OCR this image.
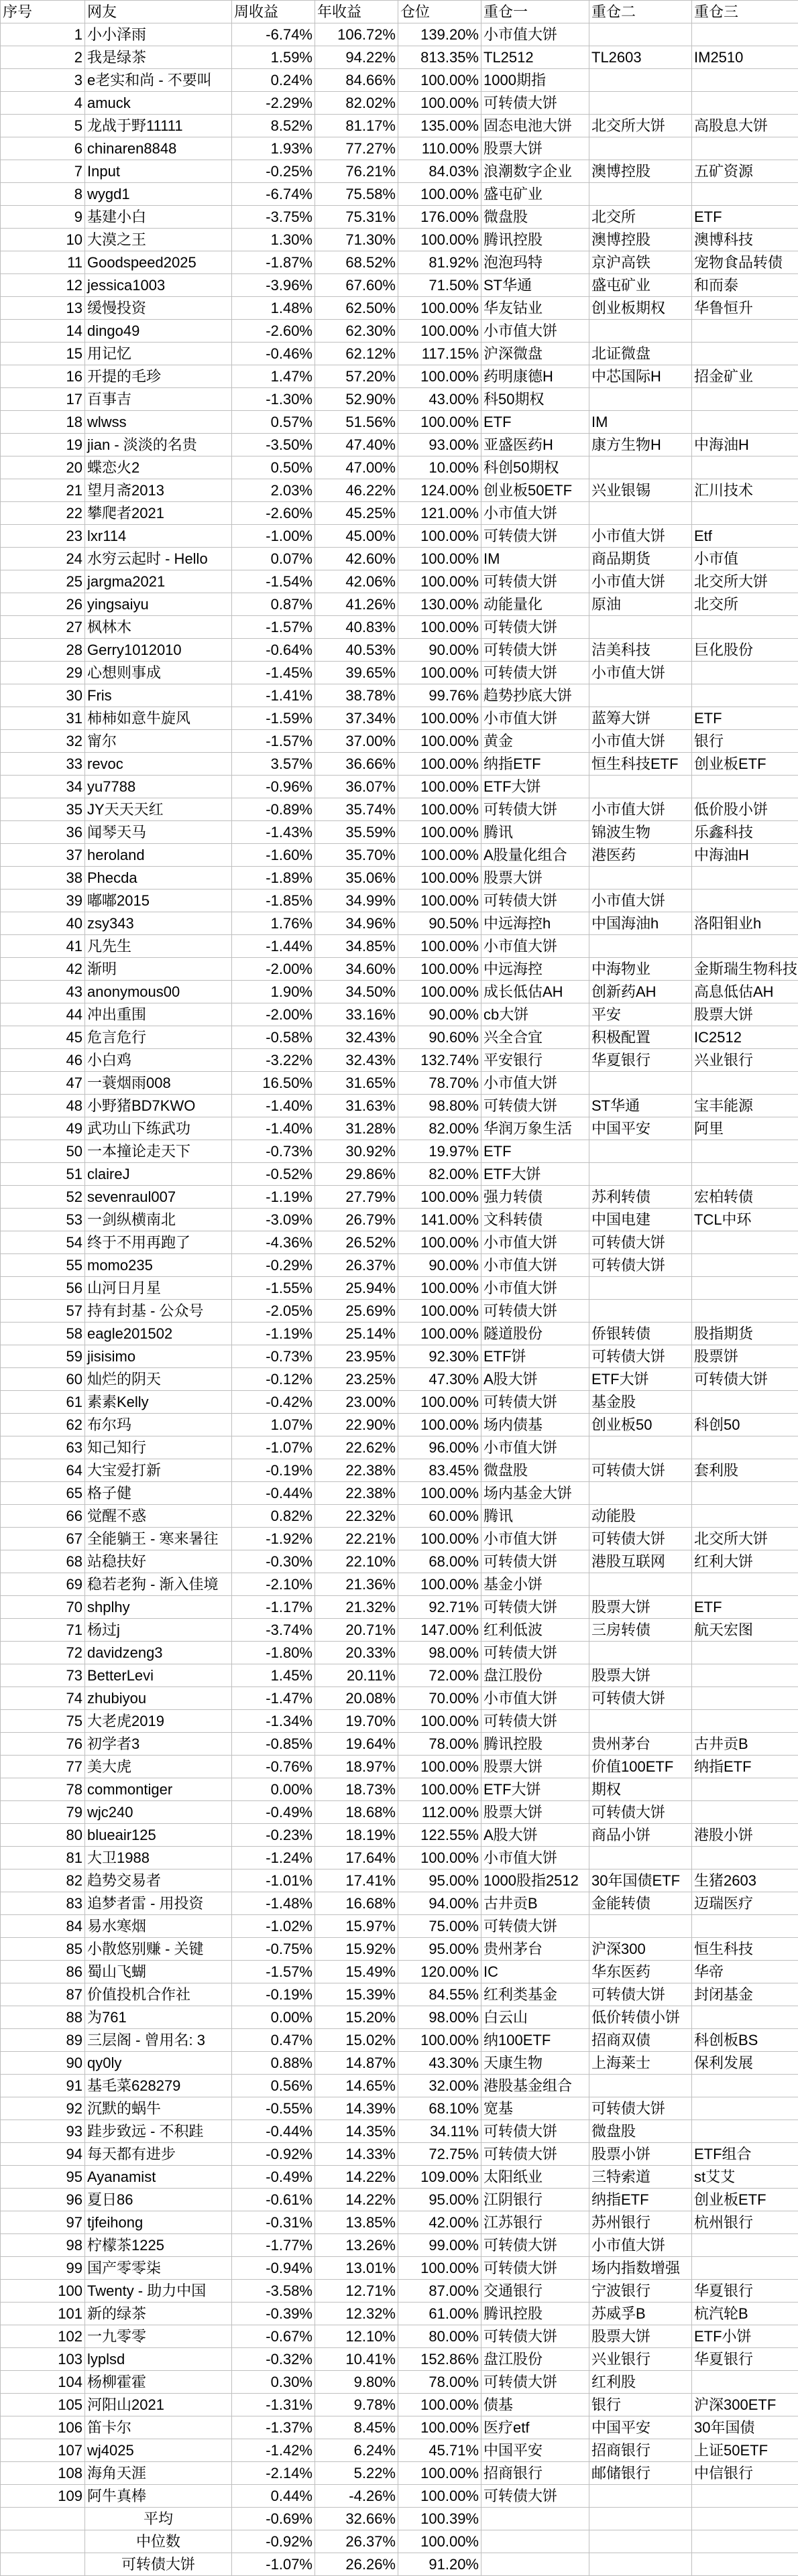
序号	网友	周收益	年收益	仓位	重仓一	重仓二	重仓三
1	小小泽雨	-6.74%	106.72%	139.20%	小市值大饼		
2	我是绿茶	1.59%	94.22%	813.35%	TL2512	TL2603	IM2510
3	e老实和尚 - 不要叫	0.24%	84.66%	100.00%	1000期指		
4	amuck	-2.29%	82.02%	100.00%	可转债大饼		
5	龙战于野11111	8.52%	81.17%	135.00%	固态电池大饼	北交所大饼	高股息大饼
6	chinaren8848	1.93%	77.27%	110.00%	股票大饼		
7	Input	-0.25%	76.21%	84.03%	浪潮数字企业	澳博控股	五矿资源
8	wygd1	-6.74%	75.58%	100.00%	盛屯矿业		
9	基建小白	-3.75%	75.31%	176.00%	微盘股	北交所	ETF
10	大漠之王	1.30%	71.30%	100.00%	腾讯控股	澳博控股	澳博科技
11	Goodspeed2025	-1.87%	68.52%	81.92%	泡泡玛特	京沪高铁	宠物食品转债
12	jessica1003	-3.96%	67.60%	71.50%	ST华通	盛屯矿业	和而泰
13	缓慢投资	1.48%	62.50%	100.00%	华友钴业	创业板期权	华鲁恒升
14	dingo49	-2.60%	62.30%	100.00%	小市值大饼		
15	用记忆	-0.46%	62.12%	117.15%	沪深微盘	北证微盘	
16	开提的毛珍	1.47%	57.20%	100.00%	药明康德H	中芯国际H	招金矿业
17	百事吉	-1.30%	52.90%	43.00%	科50期权		
18	wlwss	0.57%	51.56%	100.00%	ETF	IM	
19	jian - 淡淡的名贵	-3.50%	47.40%	93.00%	亚盛医药H	康方生物H	中海油H
20	蝶恋火2	0.50%	47.00%	10.00%	科创50期权		
21	望月斋2013	2.03%	46.22%	124.00%	创业板50ETF	兴业银锡	汇川技术
22	攀爬者2021	-2.60%	45.25%	121.00%	小市值大饼		
23	lxr114	-1.00%	45.00%	100.00%	可转债大饼	小市值大饼	Etf
24	水穷云起时 - Hello	0.07%	42.60%	100.00%	IM	商品期货	小市值
25	jargma2021	-1.54%	42.06%	100.00%	可转债大饼	小市值大饼	北交所大饼
26	yingsaiyu	0.87%	41.26%	130.00%	动能量化	原油	北交所
27	枫林木	-1.57%	40.83%	100.00%	可转债大饼		
28	Gerry1012010	-0.64%	40.53%	90.00%	可转债大饼	洁美科技	巨化股份
29	心想则事成	-1.45%	39.65%	100.00%	可转债大饼	小市值大饼	
30	Fris	-1.41%	38.78%	99.76%	趋势抄底大饼		
31	柿柿如意牛旋风	-1.59%	37.34%	100.00%	小市值大饼	蓝筹大饼	ETF
32	甯尔	-1.57%	37.00%	100.00%	黄金	小市值大饼	银行
33	revoc	3.57%	36.66%	100.00%	纳指ETF	恒生科技ETF	创业板ETF
34	yu7788	-0.96%	36.07%	100.00%	ETF大饼		
35	JY天天天红	-0.89%	35.74%	100.00%	可转债大饼	小市值大饼	低价股小饼
36	闻琴天马	-1.43%	35.59%	100.00%	腾讯	锦波生物	乐鑫科技
37	heroland	-1.60%	35.70%	100.00%	A股量化组合	港医药	中海油H
38	Phecda	-1.89%	35.06%	100.00%	股票大饼		
39	嘟嘟2015	-1.85%	34.99%	100.00%	可转债大饼	小市值大饼	
40	zsy343	1.76%	34.96%	90.50%	中远海控h	中国海油h	洛阳钼业h
41	凡先生	-1.44%	34.85%	100.00%	小市值大饼		
42	渐明	-2.00%	34.60%	100.00%	中远海控	中海物业	金斯瑞生物科技
43	anonymous00	1.90%	34.50%	100.00%	成长低估AH	创新药AH	高息低估AH
44	冲出重围	-2.00%	33.16%	90.00%	cb大饼	平安	股票大饼
45	危言危行	-0.58%	32.43%	90.60%	兴全合宜	积极配置	IC2512
46	小白鸡	-3.22%	32.43%	132.74%	平安银行	华夏银行	兴业银行
47	一蓑烟雨008	16.50%	31.65%	78.70%	小市值大饼		
48	小野猪BD7KWO	-1.40%	31.63%	98.80%	可转债大饼	ST华通	宝丰能源
49	武功山下练武功	-1.40%	31.28%	82.00%	华润万象生活	中国平安	阿里
50	一本撞论走天下	-0.73%	30.92%	19.97%	ETF		
51	clairеJ	-0.52%	29.86%	82.00%	ETF大饼		
52	sevenraul007	-1.19%	27.79%	100.00%	强力转债	苏利转债	宏柏转债
53	一剑纵横南北	-3.09%	26.79%	141.00%	文科转债	中国电建	TCL中环
54	终于不用再跑了	-4.36%	26.52%	100.00%	小市值大饼	可转债大饼	
55	momo235	-0.29%	26.37%	90.00%	小市值大饼	可转债大饼	
56	山河日月星	-1.55%	25.94%	100.00%	小市值大饼		
57	持有封基 - 公众号	-2.05%	25.69%	100.00%	可转债大饼		
58	eagle201502	-1.19%	25.14%	100.00%	隧道股份	侨银转债	股指期货
59	jisisimo	-0.73%	23.95%	92.30%	ETF饼	可转债大饼	股票饼
60	灿烂的阴天	-0.12%	23.25%	47.30%	A股大饼	ETF大饼	可转债大饼
61	素素Kelly	-0.42%	23.00%	100.00%	可转债大饼	基金股	
62	布尔玛	1.07%	22.90%	100.00%	场内债基	创业板50	科创50
63	知己知行	-1.07%	22.62%	96.00%	小市值大饼		
64	大宝爱打新	-0.19%	22.38%	83.45%	微盘股	可转债大饼	套利股
65	格子健	-0.44%	22.38%	100.00%	场内基金大饼		
66	觉醒不惑	0.82%	22.32%	60.00%	腾讯	动能股	
67	全能躺王 - 寒来暑往	-1.92%	22.21%	100.00%	小市值大饼	可转债大饼	北交所大饼
68	站稳扶好	-0.30%	22.10%	68.00%	可转债大饼	港股互联网	红利大饼
69	稳若老狗 - 渐入佳境	-2.10%	21.36%	100.00%	基金小饼		
70	shplhy	-1.17%	21.32%	92.71%	可转债大饼	股票大饼	ETF
71	杨过j	-3.74%	20.71%	147.00%	红利低波	三房转债	航天宏图
72	davidzeng3	-1.80%	20.33%	98.00%	可转债大饼		
73	BetterLevi	1.45%	20.11%	72.00%	盘江股份	股票大饼	
74	zhubiyou	-1.47%	20.08%	70.00%	小市值大饼	可转债大饼	
75	大老虎2019	-1.34%	19.70%	100.00%	可转债大饼		
76	初学者3	-0.85%	19.64%	78.00%	腾讯控股	贵州茅台	古井贡B
77	美大虎	-0.76%	18.97%	100.00%	股票大饼	价值100ETF	纳指ETF
78	commontiger	0.00%	18.73%	100.00%	ETF大饼	期权	
79	wjc240	-0.49%	18.68%	112.00%	股票大饼	可转债大饼	
80	blueair125	-0.23%	18.19%	122.55%	A股大饼	商品小饼	港股小饼
81	大卫1988	-1.24%	17.64%	100.00%	小市值大饼		
82	趋势交易者	-1.01%	17.41%	95.00%	1000股指2512	30年国债ETF	生猪2603
83	追梦者雷 - 用投资	-1.48%	16.68%	94.00%	古井贡B	金能转债	迈瑞医疗
84	易水寒烟	-1.02%	15.97%	75.00%	可转债大饼		
85	小散悠别赚 - 关键	-0.75%	15.92%	95.00%	贵州茅台	沪深300	恒生科技
86	蜀山飞蝴	-1.57%	15.49%	120.00%	IC	华东医药	华帝
87	价值投机合作社	-0.19%	15.39%	84.55%	红利类基金	可转债大饼	封闭基金
88	为761	0.00%	15.20%	98.00%	白云山	低价转债小饼	
89	三层阁 - 曾用名: 3	0.47%	15.02%	100.00%	纳100ETF	招商双债	科创板BS
90	qy0ly	0.88%	14.87%	43.30%	天康生物	上海莱士	保利发展
91	基毛菜628279	0.56%	14.65%	32.00%	港股基金组合		
92	沉默的蜗牛	-0.55%	14.39%	68.10%	宽基	可转债大饼	
93	跬步致远 - 不积跬	-0.44%	14.35%	34.11%	可转债大饼	微盘股	
94	每天都有进步	-0.92%	14.33%	72.75%	可转债大饼	股票小饼	ETF组合
95	Ayanamist	-0.49%	14.22%	109.00%	太阳纸业	三特索道	st艾艾
96	夏日86	-0.61%	14.22%	95.00%	江阴银行	纳指ETF	创业板ETF
97	tjfeihong	-0.31%	13.85%	42.00%	江苏银行	苏州银行	杭州银行
98	柠檬茶1225	-1.77%	13.26%	99.00%	可转债大饼	小市值大饼	
99	国产零零柒	-0.94%	13.01%	100.00%	可转债大饼	场内指数增强	
100	Twenty - 助力中国	-3.58%	12.71%	87.00%	交通银行	宁波银行	华夏银行
101	新的绿茶	-0.39%	12.32%	61.00%	腾讯控股	苏威孚B	杭汽轮B
102	一九零零	-0.67%	12.10%	80.00%	可转债大饼	股票大饼	ETF小饼
103	lyplsd	-0.32%	10.41%	152.86%	盘江股份	兴业银行	华夏银行
104	杨柳霍霍	0.30%	9.80%	78.00%	可转债大饼	红利股	
105	河阳山2021	-1.31%	9.78%	100.00%	债基	银行	沪深300ETF
106	笛卡尔	-1.37%	8.45%	100.00%	医疗etf	中国平安	30年国债
107	wj4025	-1.42%	6.24%	45.71%	中国平安	招商银行	上证50ETF
108	海角天涯	-2.14%	5.22%	100.00%	招商银行	邮储银行	中信银行
109	阿牛真棒	0.44%	-4.26%	100.00%	可转债大饼		
	平均	-0.69%	32.66%	100.39%			
	中位数	-0.92%	26.37%	100.00%			
	可转债大饼	-1.07%	26.26%	91.20%			
